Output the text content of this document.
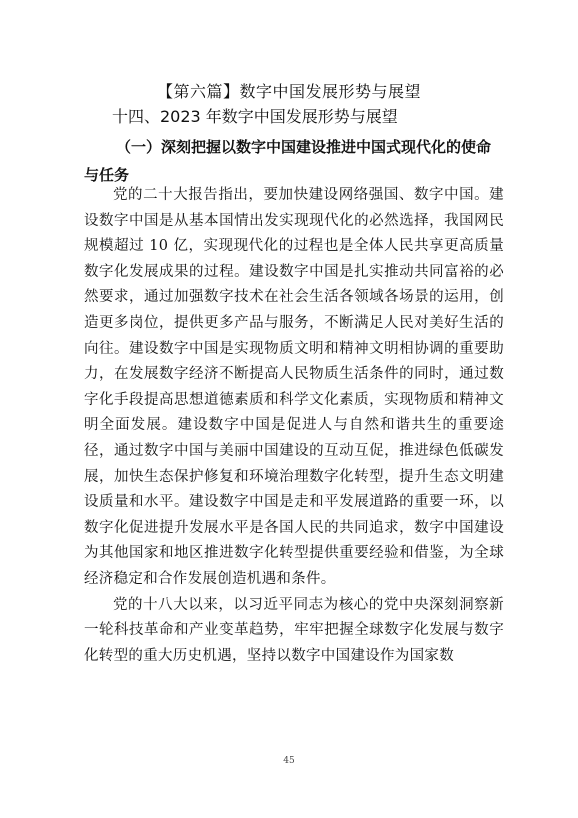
【第六篇】数字中国发展形势与展望
十四、2023 年数字中国发展形势与展望
（一）深刻把握以数字中国建设推进中国式现代化的使命与任务

党的二十大报告指出，要加快建设网络强国、数字中国。建设数字中国是从基本国情出发实现现代化的必然选择，我国网民规模超过 10 亿，实现现代化的过程也是全体人民共享更高质量数字化发展成果的过程。建设数字中国是扎实推动共同富裕的必然要求，通过加强数字技术在社会生活各领域各场景的运用，创造更多岗位，提供更多产品与服务，不断满足人民对美好生活的向往。建设数字中国是实现物质文明和精神文明相协调的重要助力，在发展数字经济不断提高人民物质生活条件的同时，通过数字化手段提高思想道德素质和科学文化素质，实现物质和精神文明全面发展。建设数字中国是促进人与自然和谐共生的重要途径，通过数字中国与美丽中国建设的互动互促，推进绿色低碳发展，加快生态保护修复和环境治理数字化转型，提升生态文明建设质量和水平。建设数字中国是走和平发展道路的重要一环，以数字化促进提升发展水平是各国人民的共同追求，数字中国建设为其他国家和地区推进数字化转型提供重要经验和借鉴，为全球经济稳定和合作发展创造机遇和条件。

党的十八大以来，以习近平同志为核心的党中央深刻洞察新一轮科技革命和产业变革趋势，牢牢把握全球数字化发展与数字化转型的重大历史机遇，坚持以数字中国建设作为国家数

45
